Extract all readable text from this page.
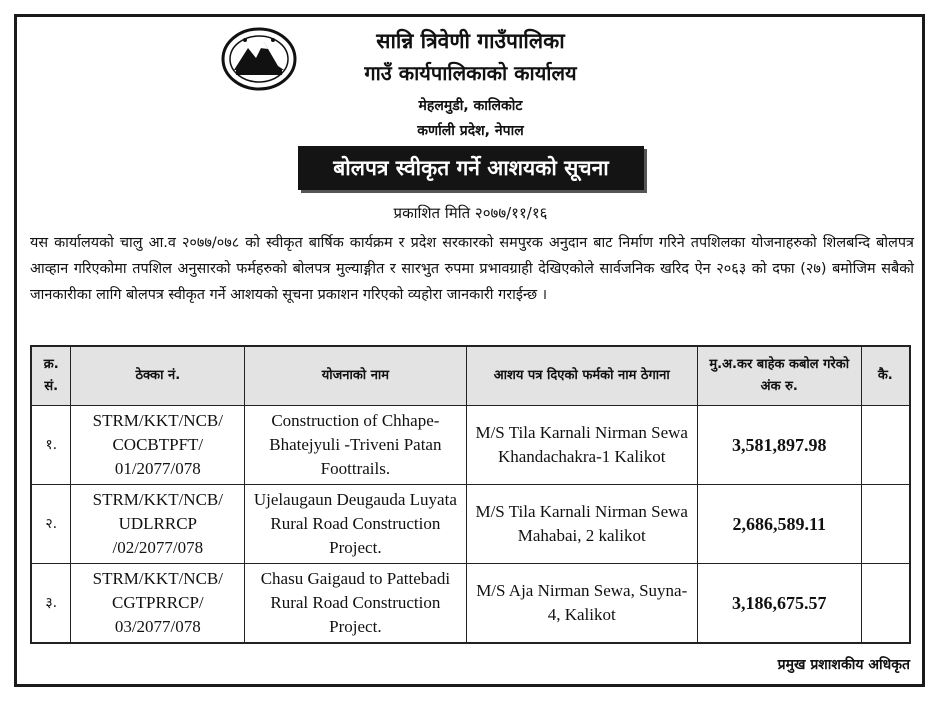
सान्नि त्रिवेणी गाउँपालिका
गाउँ कार्यपालिकाको कार्यालय
मेहलमुडी, कालिकोट
कर्णाली प्रदेश, नेपाल
बोलपत्र स्वीकृत गर्ने आशयको सूचना
प्रकाशित मिति २०७७/११/१६
यस कार्यालयको चालु आ.व २०७७/०७८ को स्वीकृत बार्षिक कार्यक्रम र प्रदेश सरकारको समपुरक अनुदान बाट निर्माण गरिने तपशिलका योजनाहरुको शिलबन्दि बोलपत्र आव्हान गरिएकोमा तपशिल अनुसारको फर्महरुको बोलपत्र मुल्याङ्गीत र सारभुत रुपमा प्रभावग्राही देखिएकोले सार्वजनिक खरिद ऐन २०६३ को दफा (२७) बमोजिम सबैको जानकारीका लागि बोलपत्र स्वीकृत गर्ने आशयको सूचना प्रकाशन गरिएको व्यहोरा जानकारी गराईन्छ ।
क्र. सं.	ठेक्का नं.	योजनाको नाम	आशय पत्र दिएको फर्मको नाम ठेगाना	मु.अ.कर बाहेक कबोल गरेको अंक रु.	कै.
१.	STRM/KKT/NCB/ COCBTPFT/ 01/2077/078	Construction of Chhape-Bhatejyuli -Triveni Patan Foottrails.	M/S Tila Karnali Nirman Sewa Khandachakra-1 Kalikot	3,581,897.98	
२.	STRM/KKT/NCB/ UDLRRCP /02/2077/078	Ujelaugaun Deugauda Luyata Rural Road Construction Project.	M/S Tila Karnali Nirman Sewa Mahabai, 2 kalikot	2,686,589.11	
३.	STRM/KKT/NCB/ CGTPRRCP/ 03/2077/078	Chasu Gaigaud to Pattebadi Rural Road Construction Project.	M/S Aja Nirman Sewa, Suyna-4, Kalikot	3,186,675.57	
प्रमुख प्रशाशकीय अधिकृत
